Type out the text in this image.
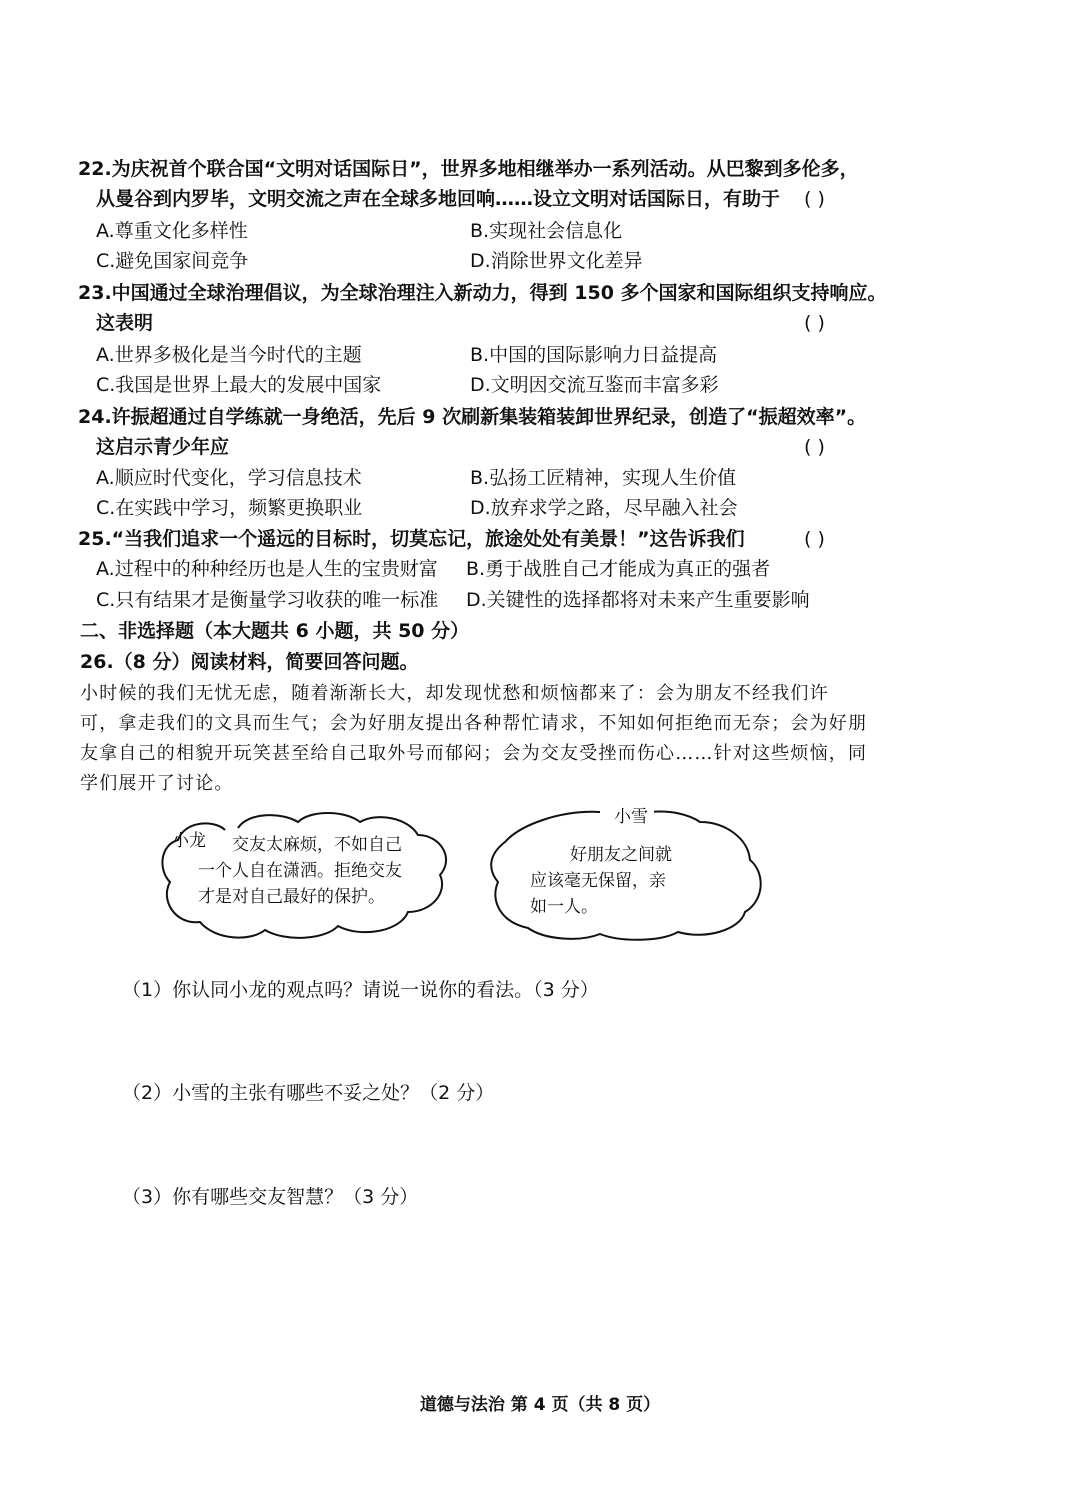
22.为庆祝首个联合国“文明对话国际日”，世界多地相继举办一系列活动。从巴黎到多伦多，
从曼谷到内罗毕，文明交流之声在全球多地回响……设立文明对话国际日，有助于 ( )
A.尊重文化多样性	B.实现社会信息化
C.避免国家间竞争	D.消除世界文化差异
23.中国通过全球治理倡议，为全球治理注入新动力，得到 150 多个国家和国际组织支持响应。
这表明	( )
A.世界多极化是当今时代的主题	B.中国的国际影响力日益提高
C.我国是世界上最大的发展中国家	D.文明因交流互鉴而丰富多彩
24.许振超通过自学练就一身绝活，先后 9 次刷新集装箱装卸世界纪录，创造了“振超效率”。
这启示青少年应	( )
A.顺应时代变化，学习信息技术	B.弘扬工匠精神，实现人生价值
C.在实践中学习，频繁更换职业	D.放弃求学之路，尽早融入社会
25.“当我们追求一个遥远的目标时，切莫忘记，旅途处处有美景！”这告诉我们	( )
A.过程中的种种经历也是人生的宝贵财富 B.勇于战胜自己才能成为真正的强者
C.只有结果才是衡量学习收获的唯一标准 D.关键性的选择都将对未来产生重要影响
二、非选择题（本大题共 6 小题，共 50 分）
26.（8 分）阅读材料，简要回答问题。
小时候的我们无忧无虑，随着渐渐长大，却发现忧愁和烦恼都来了：会为朋友不经我们许
可，拿走我们的文具而生气；会为好朋友提出各种帮忙请求，不知如何拒绝而无奈；会为好朋
友拿自己的相貌开玩笑甚至给自己取外号而郁闷；会为交友受挫而伤心……针对这些烦恼，同
学们展开了讨论。
小龙 交友太麻烦，不如自己
一个人自在潇洒。拒绝交友
才是对自己最好的保护。
小雪
好朋友之间就
应该毫无保留，亲
如一人。
（1）你认同小龙的观点吗？请说一说你的看法。（3 分）
（2）小雪的主张有哪些不妥之处？（2 分）
（3）你有哪些交友智慧？（3 分）
道德与法治 第 4 页（共 8 页）
